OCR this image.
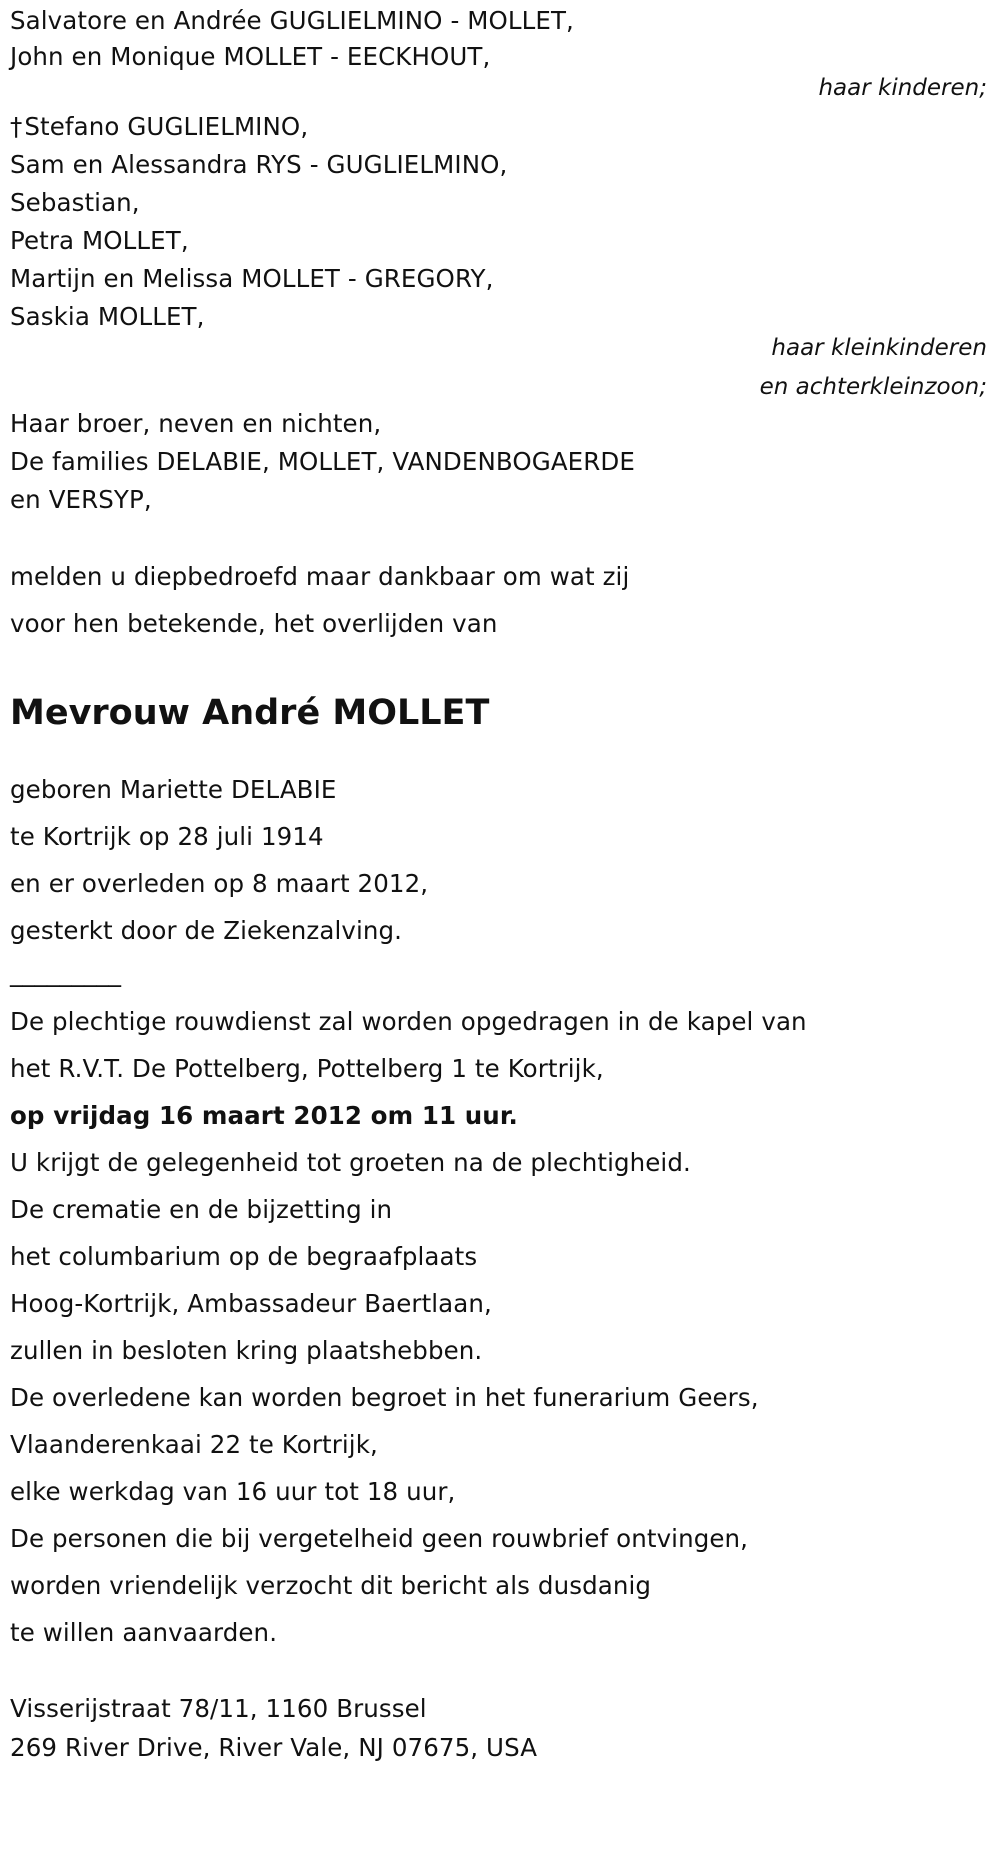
Salvatore en Andrée GUGLIELMINO - MOLLET,
John en Monique MOLLET - EECKHOUT,
haar kinderen;
†Stefano GUGLIELMINO,
Sam en Alessandra RYS - GUGLIELMINO,
Sebastian,
Petra MOLLET,
Martijn en Melissa MOLLET - GREGORY,
Saskia MOLLET,
haar kleinkinderen
en achterkleinzoon;
Haar broer, neven en nichten,
De families DELABIE, MOLLET, VANDENBOGAERDE
en VERSYP,
melden u diepbedroefd maar dankbaar om wat zij
voor hen betekende, het overlijden van
Mevrouw André MOLLET
geboren Mariette DELABIE
te Kortrijk op 28 juli 1914
en er overleden op 8 maart 2012,
gesterkt door de Ziekenzalving.
_________
De plechtige rouwdienst zal worden opgedragen in de kapel van
het R.V.T. De Pottelberg, Pottelberg 1 te Kortrijk,
op vrijdag 16 maart 2012 om 11 uur.
U krijgt de gelegenheid tot groeten na de plechtigheid.
De crematie en de bijzetting in
het columbarium op de begraafplaats
Hoog-Kortrijk, Ambassadeur Baertlaan,
zullen in besloten kring plaatshebben.
De overledene kan worden begroet in het funerarium Geers,
Vlaanderenkaai 22 te Kortrijk,
elke werkdag van 16 uur tot 18 uur,
De personen die bij vergetelheid geen rouwbrief ontvingen,
worden vriendelijk verzocht dit bericht als dusdanig
te willen aanvaarden.
Visserijstraat 78/11, 1160 Brussel
269 River Drive, River Vale, NJ 07675, USA
